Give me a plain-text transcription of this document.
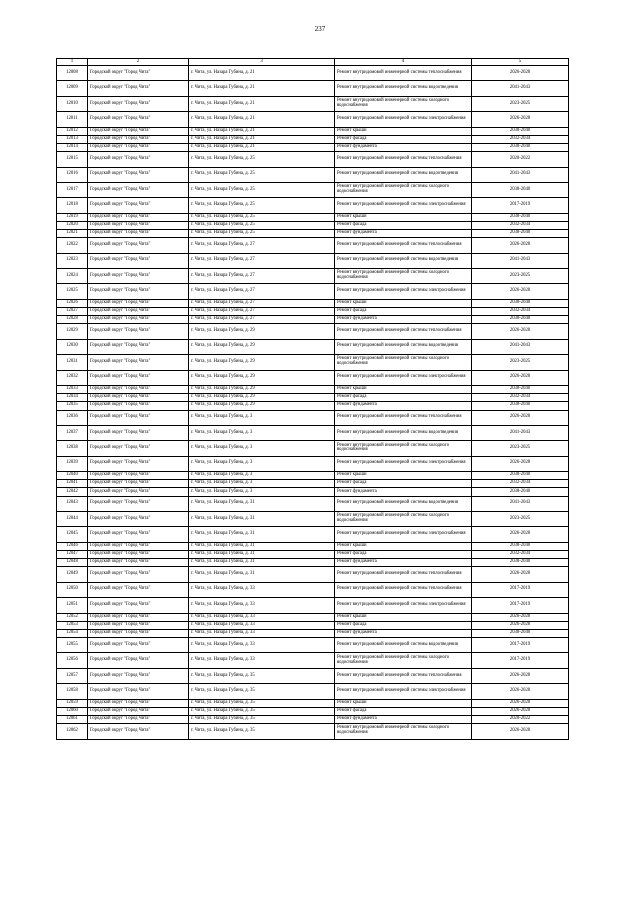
237
1	2	3	4	5
12008	Городской округ "Город Чита"	г. Чита, ул. Назара Губина, д. 21	Ремонт внутридомовой инженерной системы теплоснабжения	2026-2028
12009	Городской округ "Город Чита"	г. Чита, ул. Назара Губина, д. 21	Ремонт внутридомовой инженерной системы водоотведения	2041-2043
12010	Городской округ "Город Чита"	г. Чита, ул. Назара Губина, д. 21	Ремонт внутридомовой инженерной системы холодного водоснабжения	2023-2025
12011	Городской округ "Город Чита"	г. Чита, ул. Назара Губина, д. 21	Ремонт внутридомовой инженерной системы электроснабжения	2026-2028
12012	Городской округ "Город Чита"	г. Чита, ул. Назара Губина, д. 21	Ремонт крыши	2038-2040
12013	Городской округ "Город Чита"	г. Чита, ул. Назара Губина, д. 21	Ремонт фасада	2032-2034
12014	Городской округ "Город Чита"	г. Чита, ул. Назара Губина, д. 21	Ремонт фундамента	2038-2040
12015	Городской округ "Город Чита"	г. Чита, ул. Назара Губина, д. 25	Ремонт внутридомовой инженерной системы теплоснабжения	2020-2022
12016	Городской округ "Город Чита"	г. Чита, ул. Назара Губина, д. 25	Ремонт внутридомовой инженерной системы водоотведения	2041-2043
12017	Городской округ "Город Чита"	г. Чита, ул. Назара Губина, д. 25	Ремонт внутридомовой инженерной системы холодного водоснабжения	2038-2040
12018	Городской округ "Город Чита"	г. Чита, ул. Назара Губина, д. 25	Ремонт внутридомовой инженерной системы электроснабжения	2017-2019
12019	Городской округ "Город Чита"	г. Чита, ул. Назара Губина, д. 25	Ремонт крыши	2038-2040
12020	Городской округ "Город Чита"	г. Чита, ул. Назара Губина, д. 25	Ремонт фасада	2032-2034
12021	Городской округ "Город Чита"	г. Чита, ул. Назара Губина, д. 25	Ремонт фундамента	2038-2040
12022	Городской округ "Город Чита"	г. Чита, ул. Назара Губина, д. 27	Ремонт внутридомовой инженерной системы теплоснабжения	2026-2028
12023	Городской округ "Город Чита"	г. Чита, ул. Назара Губина, д. 27	Ремонт внутридомовой инженерной системы водоотведения	2041-2043
12024	Городской округ "Город Чита"	г. Чита, ул. Назара Губина, д. 27	Ремонт внутридомовой инженерной системы холодного водоснабжения	2023-2025
12025	Городской округ "Город Чита"	г. Чита, ул. Назара Губина, д. 27	Ремонт внутридомовой инженерной системы электроснабжения	2026-2028
12026	Городской округ "Город Чита"	г. Чита, ул. Назара Губина, д. 27	Ремонт крыши	2038-2040
12027	Городской округ "Город Чита"	г. Чита, ул. Назара Губина, д. 27	Ремонт фасада	2032-2034
12028	Городской округ "Город Чита"	г. Чита, ул. Назара Губина, д. 27	Ремонт фундамента	2038-2040
12029	Городской округ "Город Чита"	г. Чита, ул. Назара Губина, д. 29	Ремонт внутридомовой инженерной системы теплоснабжения	2026-2028
12030	Городской округ "Город Чита"	г. Чита, ул. Назара Губина, д. 29	Ремонт внутридомовой инженерной системы водоотведения	2041-2043
12031	Городской округ "Город Чита"	г. Чита, ул. Назара Губина, д. 29	Ремонт внутридомовой инженерной системы холодного водоснабжения	2023-2025
12032	Городской округ "Город Чита"	г. Чита, ул. Назара Губина, д. 29	Ремонт внутридомовой инженерной системы электроснабжения	2026-2028
12033	Городской округ "Город Чита"	г. Чита, ул. Назара Губина, д. 29	Ремонт крыши	2038-2040
12034	Городской округ "Город Чита"	г. Чита, ул. Назара Губина, д. 29	Ремонт фасада	2032-2034
12035	Городской округ "Город Чита"	г. Чита, ул. Назара Губина, д. 29	Ремонт фундамента	2038-2040
12036	Городской округ "Город Чита"	г. Чита, ул. Назара Губина, д. 3	Ремонт внутридомовой инженерной системы теплоснабжения	2026-2028
12037	Городской округ "Город Чита"	г. Чита, ул. Назара Губина, д. 3	Ремонт внутридомовой инженерной системы водоотведения	2041-2043
12038	Городской округ "Город Чита"	г. Чита, ул. Назара Губина, д. 3	Ремонт внутридомовой инженерной системы холодного водоснабжения	2023-2025
12039	Городской округ "Город Чита"	г. Чита, ул. Назара Губина, д. 3	Ремонт внутридомовой инженерной системы электроснабжения	2026-2028
12040	Городской округ "Город Чита"	г. Чита, ул. Назара Губина, д. 3	Ремонт крыши	2038-2040
12041	Городской округ "Город Чита"	г. Чита, ул. Назара Губина, д. 3	Ремонт фасада	2032-2034
12042	Городской округ "Город Чита"	г. Чита, ул. Назара Губина, д. 3	Ремонт фундамента	2038-2040
12043	Городской округ "Город Чита"	г. Чита, ул. Назара Губина, д. 31	Ремонт внутридомовой инженерной системы водоотведения	2041-2043
12044	Городской округ "Город Чита"	г. Чита, ул. Назара Губина, д. 31	Ремонт внутридомовой инженерной системы холодного водоснабжения	2023-2025
12045	Городской округ "Город Чита"	г. Чита, ул. Назара Губина, д. 31	Ремонт внутридомовой инженерной системы электроснабжения	2026-2028
12046	Городской округ "Город Чита"	г. Чита, ул. Назара Губина, д. 31	Ремонт крыши	2038-2040
12047	Городской округ "Город Чита"	г. Чита, ул. Назара Губина, д. 31	Ремонт фасада	2032-2034
12048	Городской округ "Город Чита"	г. Чита, ул. Назара Губина, д. 31	Ремонт фундамента	2038-2040
12049	Городской округ "Город Чита"	г. Чита, ул. Назара Губина, д. 31	Ремонт внутридомовой инженерной системы теплоснабжения	2026-2028
12050	Городской округ "Город Чита"	г. Чита, ул. Назара Губина, д. 33	Ремонт внутридомовой инженерной системы теплоснабжения	2017-2019
12051	Городской округ "Город Чита"	г. Чита, ул. Назара Губина, д. 33	Ремонт внутридомовой инженерной системы электроснабжения	2017-2019
12052	Городской округ "Город Чита"	г. Чита, ул. Назара Губина, д. 33	Ремонт крыши	2026-2028
12053	Городской округ "Город Чита"	г. Чита, ул. Назара Губина, д. 33	Ремонт фасада	2026-2028
12054	Городской округ "Город Чита"	г. Чита, ул. Назара Губина, д. 33	Ремонт фундамента	2038-2040
12055	Городской округ "Город Чита"	г. Чита, ул. Назара Губина, д. 33	Ремонт внутридомовой инженерной системы водоотведения	2017-2019
12056	Городской округ "Город Чита"	г. Чита, ул. Назара Губина, д. 33	Ремонт внутридомовой инженерной системы холодного водоснабжения	2017-2019
12057	Городской округ "Город Чита"	г. Чита, ул. Назара Губина, д. 35	Ремонт внутридомовой инженерной системы теплоснабжения	2026-2028
12058	Городской округ "Город Чита"	г. Чита, ул. Назара Губина, д. 35	Ремонт внутридомовой инженерной системы электроснабжения	2026-2028
12059	Городской округ "Город Чита"	г. Чита, ул. Назара Губина, д. 35	Ремонт крыши	2026-2028
12060	Городской округ "Город Чита"	г. Чита, ул. Назара Губина, д. 35	Ремонт фасада	2026-2028
12061	Городской округ "Город Чита"	г. Чита, ул. Назара Губина, д. 35	Ремонт фундамента	2020-2022
12062	Городской округ "Город Чита"	г. Чита, ул. Назара Губина, д. 35	Ремонт внутридомовой инженерной системы холодного водоснабжения	2026-2028
